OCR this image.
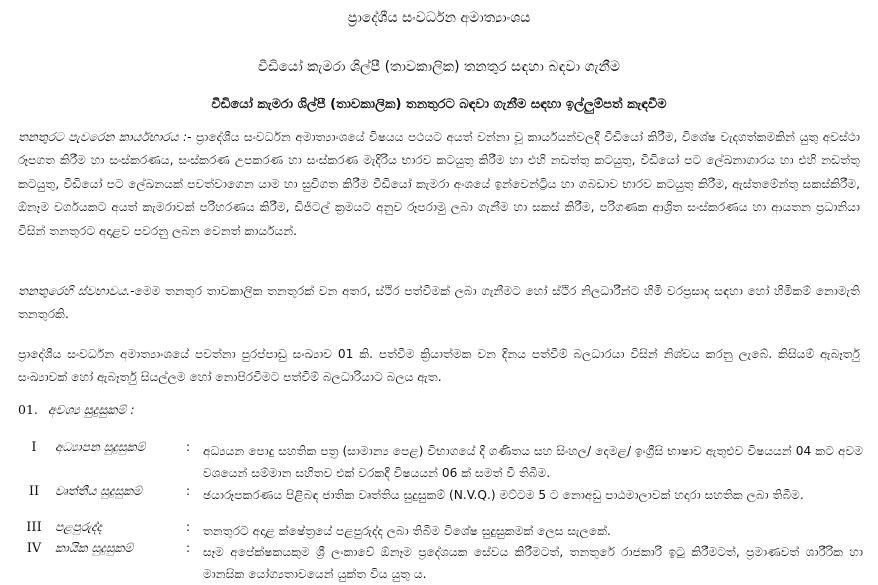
ප්‍රාදේශීය සංවර්ධන අමාත්‍යාංශය
වීඩියෝ කැමරා ශිල්පී (තාවකාලික) තනතුර සඳහා බඳවා ගැනීම
වීඩියෝ කැමරා ශිල්පී (තාවකාලික) තනතුරට බඳවා ගැනීම සඳහා ඉල්ලුම්පත් කැඳවීම
තනතුරට පැවරෙන කාර්යභාරය :- ප්‍රාදේශීය සංවර්ධන අමාත්‍යාංශයේ විෂයය පථයට අයත් වන්නා වූ කාර්යයන්වලදී වීඩියෝ කිරීම, විශේෂ වැදගත්කමකින් යුතු අවස්ථා රූපගත කිරීම හා සංස්කරණය, සංස්කරණ උපකරණ හා සංස්කරණ මැදිරිය භාරව කටයුතු කිරීම හා එහි නඩත්තු කටයුතු, වීඩියෝ පට ලේඛනාගාරය හා එහි නඩත්තු කටයුතු, වීඩියෝ පට ලේඛනයක් පවත්වාගෙන යාම හා සුචිගත කිරීම වීඩියෝ කැමරා අංශයේ ඉන්වෙන්ට්‍රිය හා ගබඩාව භාරව කටයුතු කිරීම, ඇස්තමේන්තු සකස්කිරීම, ඕනෑම වර්ගයකට අයත් කැමරාවක් පරිහරණය කිරීම, ඩිජිටල් ක්‍රමයට අනුව රූපරාමු ලබා ගැනීම හා සකස් කිරීම, පරිගණක ආශ්‍රිත සංස්කරණය හා ආයතන ප්‍රධානියා විසින් තනතුරට අදාළව පවරනු ලබන වෙනත් කාර්යයන්.
තනතුරෙහි ස්වභාවය.-මෙම තනතුර තාවකාලික තනතුරක් වන අතර, ස්ථිර පත්වීමක් ලබා ගැනීමට හෝ ස්ථිර නිලධාරීන්ට හිමි වරප්‍රසාද සඳහා හෝ හිමිකම් නොමැති තනතුරකි.
ප්‍රාදේශීය සංවර්ධන අමාත්‍යාංශයේ පවත්නා පුරප්පාඩු සංඛ්‍යාව 01 කි. පත්වීම ක්‍රියාත්මක වන දිනය පත්වීම් බලධාරයා විසින් නිශ්චය කරනු ලැබේ. කිසියම් ඇබෑර්තු සංඛ්‍යාවක් හෝ ඇබෑර්තු සියල්ලම හෝ නොපිරවීමට පත්වීම් බලධාරියාට බලය ඇත.
01. අවශ්‍ය සුදුසුකම් :
I	අධ්‍යාපන සුදුසුකම්	: අධ්‍යයන පොදු සහතික පත්‍ර (සාමාන්‍ය පෙළ) විභාගයේ දී ගණිතය සහ සිංහල/ දෙමළ/ ඉංග්‍රීසි භාෂාව ඇතුළුව විෂයයන් 04 කට අවම වශයෙන් සම්මාන සහිතව එක් වරකදී විෂයයන් 06 ක් සමත් වී තිබීම.
II	වෘත්තීය සුදුසුකම්	: ඡයාරූපකරණය පිළිබඳ ජාතික වෘත්තිය සුදුසුකම් (N.V.Q.) මට්ටම 5 ට නොඅඩු පාඨමාලාවක් හදාරා සහතික ලබා තිබීම.
III	පළපුරුද්ද	: තනතුරට අදාළ ක්ෂේත්‍රයේ පළපුරුද්ද ලබා තිබීම විශේෂ සුදුසුකමක් ලෙස සැලකේ.
IV	කායික සුදුසුකම්	: සෑම අපේක්ෂකයකුම ශ්‍රී ලංකාවේ ඕනෑම ප්‍රදේශයක සේවය කිරීමටත්, තනතුරේ රාජකාරි ඉටු කිරීමටත්, ප්‍රමාණවත් ශාරීරික හා මානසික යෝග්‍යතාවයෙන් යුක්ත විය යුතු ය.
